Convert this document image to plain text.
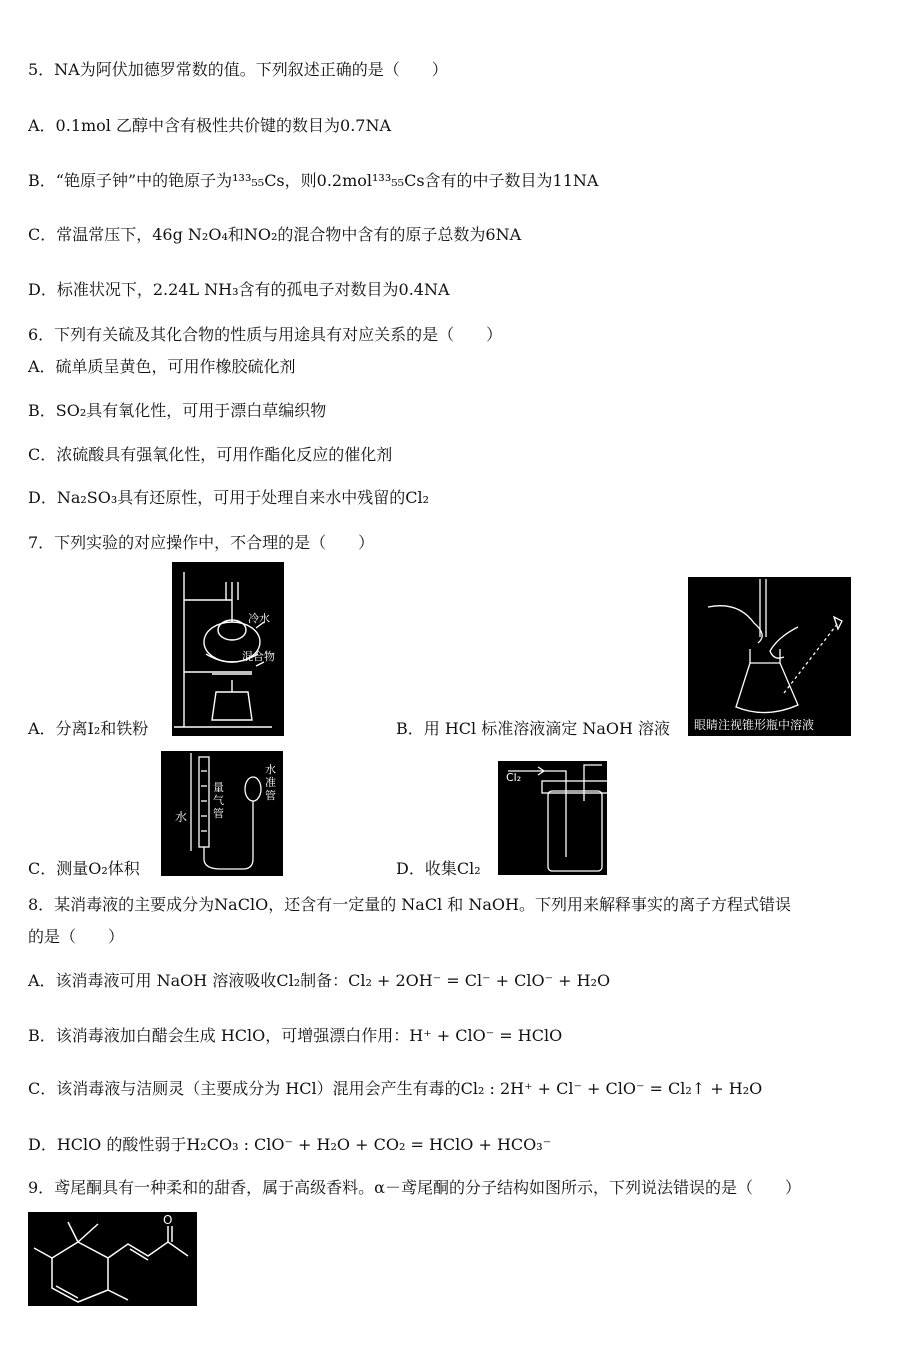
5．NA为阿伏加德罗常数的值。下列叙述正确的是（　　）
A．0.1mol 乙醇中含有极性共价键的数目为0.7NA
B．“铯原子钟”中的铯原子为¹³³₅₅Cs，则0.2mol¹³³₅₅Cs含有的中子数目为11NA
C．常温常压下，46g N₂O₄和NO₂的混合物中含有的原子总数为6NA
D．标准状况下，2.24L NH₃含有的孤电子对数目为0.4NA
6．下列有关硫及其化合物的性质与用途具有对应关系的是（　　）
A．硫单质呈黄色，可用作橡胶硫化剂
B．SO₂具有氧化性，可用于漂白草编织物
C．浓硫酸具有强氧化性，可用作酯化反应的催化剂
D．Na₂SO₃具有还原性，可用于处理自来水中残留的Cl₂
7．下列实验的对应操作中，不合理的是（　　）
冷水
混合物
A．分离I₂和铁粉	眼睛注视锥形瓶中溶液
B．用 HCl 标准溶液滴定 NaOH 溶液
水
量气管
水准管
C．测量O₂体积
Cl₂
D．收集Cl₂
8．某消毒液的主要成分为NaClO，还含有一定量的 NaCl 和 NaOH。下列用来解释事实的离子方程式错误
的是（　　）
A．该消毒液可用 NaOH 溶液吸收Cl₂制备：Cl₂ + 2OH⁻ = Cl⁻ + ClO⁻ + H₂O
B．该消毒液加白醋会生成 HClO，可增强漂白作用：H⁺ + ClO⁻ = HClO
C．该消毒液与洁厕灵（主要成分为 HCl）混用会产生有毒的Cl₂ : 2H⁺ + Cl⁻ + ClO⁻ = Cl₂↑ + H₂O
D．HClO 的酸性弱于H₂CO₃ : ClO⁻ + H₂O + CO₂ = HClO + HCO₃⁻
9．鸢尾酮具有一种柔和的甜香，属于高级香料。α－鸢尾酮的分子结构如图所示，下列说法错误的是（　　）
O
